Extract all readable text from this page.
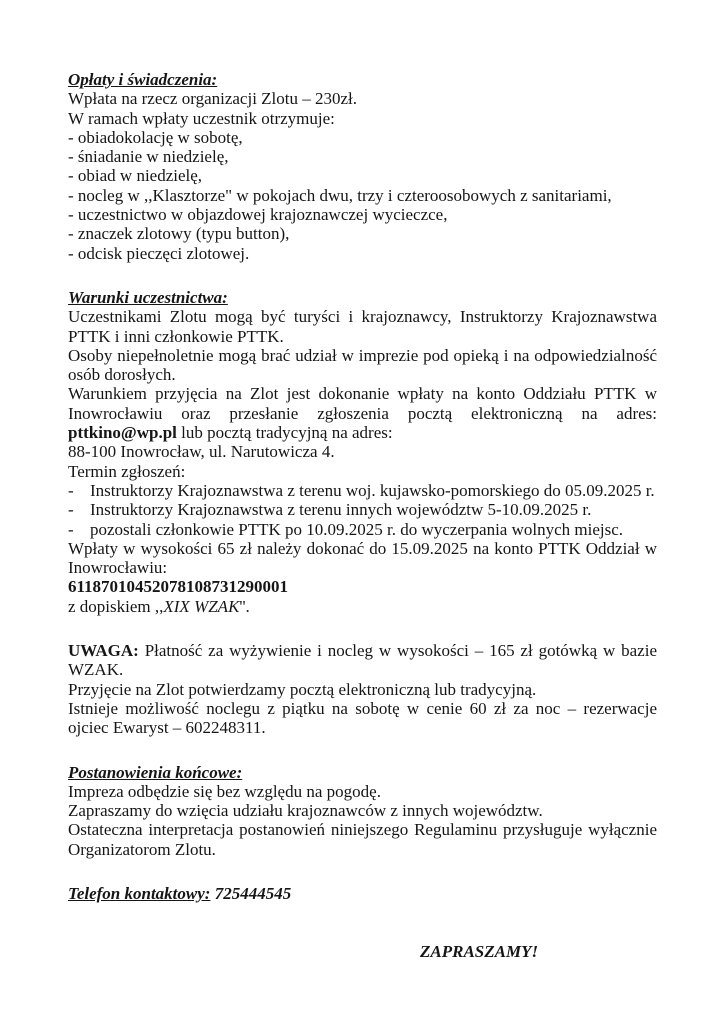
Opłaty i świadczenia:

Wpłata na rzecz organizacji Zlotu – 230zł.

W ramach wpłaty uczestnik otrzymuje:

- obiadokolację w sobotę,

- śniadanie w niedzielę,

- obiad w niedzielę,

- nocleg w ,,Klasztorze" w pokojach dwu, trzy i czteroosobowych z sanitariami,

- uczestnictwo w objazdowej krajoznawczej wycieczce,

- znaczek zlotowy (typu button),

- odcisk pieczęci zlotowej.

Warunki uczestnictwa:

Uczestnikami Zlotu mogą być turyści i krajoznawcy, Instruktorzy Krajoznawstwa PTTK i inni członkowie PTTK.

Osoby niepełnoletnie mogą brać udział w imprezie pod opieką i na odpowiedzialność osób dorosłych.

Warunkiem przyjęcia na Zlot jest dokonanie wpłaty na konto Oddziału PTTK w Inowrocławiu oraz przesłanie zgłoszenia pocztą elektroniczną na adres: pttkino@wp.pl lub pocztą tradycyjną na adres:

88-100 Inowrocław, ul. Narutowicza 4.

Termin zgłoszeń:

- Instruktorzy Krajoznawstwa z terenu woj. kujawsko-pomorskiego do 05.09.2025 r.
- Instruktorzy Krajoznawstwa z terenu innych województw 5-10.09.2025 r.
- pozostali członkowie PTTK po 10.09.2025 r. do wyczerpania wolnych miejsc.

Wpłaty w wysokości 65 zł należy dokonać do 15.09.2025 na konto PTTK Oddział w Inowrocławiu:

61187010452078108731290001

z dopiskiem ,,XIX WZAK''.

UWAGA: Płatność za wyżywienie i nocleg w wysokości – 165 zł gotówką w bazie WZAK.

Przyjęcie na Zlot potwierdzamy pocztą elektroniczną lub tradycyjną.

Istnieje możliwość noclegu z piątku na sobotę w cenie 60 zł za noc – rezerwacje ojciec Ewaryst – 602248311.

Postanowienia końcowe:

Impreza odbędzie się bez względu na pogodę.

Zapraszamy do wzięcia udziału krajoznawców z innych województw.

Ostateczna interpretacja postanowień niniejszego Regulaminu przysługuje wyłącznie Organizatorom Zlotu.

Telefon kontaktowy: 725444545

ZAPRASZAMY!
